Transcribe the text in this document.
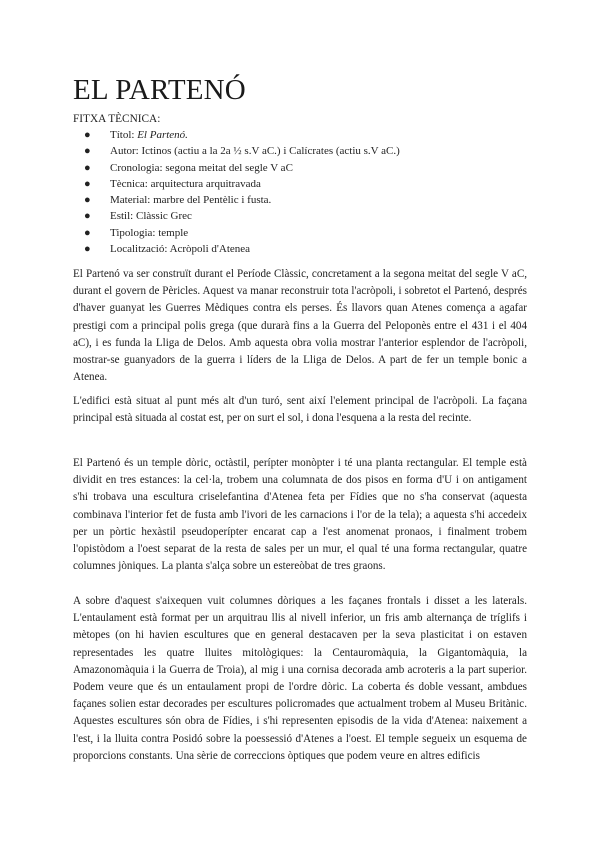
EL PARTENÓ
FITXA TÈCNICA:
● Títol: El Partenó.
● Autor: Ictinos (actiu a la 2a ½ s.V aC.) i Calícrates (actiu s.V aC.)
● Cronologia: segona meitat del segle V aC
● Tècnica: arquitectura arquitravada
● Material: marbre del Pentèlic i fusta.
● Estil: Clàssic Grec
● Tipologia: temple
● Localització: Acròpoli d'Atenea

El Partenó va ser construït durant el Període Clàssic, concretament a la segona meitat del segle V aC, durant el govern de Pèricles. Aquest va manar reconstruir tota l'acròpoli, i sobretot el Partenó, després d'haver guanyat les Guerres Mèdiques contra els perses. És llavors quan Atenes comença a agafar prestigi com a principal polis grega (que durarà fins a la Guerra del Peloponès entre el 431 i el 404 aC), i es funda la Lliga de Delos. Amb aquesta obra volia mostrar l'anterior esplendor de l'acròpoli, mostrar-se guanyadors de la guerra i líders de la Lliga de Delos. A part de fer un temple bonic a Atenea.

L'edifici està situat al punt més alt d'un turó, sent així l'element principal de l'acròpoli. La façana principal està situada al costat est, per on surt el sol, i dona l'esquena a la resta del recinte.

El Partenó és un temple dòric, octàstil, perípter monòpter i té una planta rectangular. El temple està dividit en tres estances: la cel·la, trobem una columnata de dos pisos en forma d'U i on antigament s'hi trobava una escultura criselefantina d'Atenea feta per Fídies que no s'ha conservat (aquesta combinava l'interior fet de fusta amb l'ivori de les carnacions i l'or de la tela); a aquesta s'hi accedeix per un pòrtic hexàstil pseudoperípter encarat cap a l'est anomenat pronaos, i finalment trobem l'opistòdom a l'oest separat de la resta de sales per un mur, el qual té una forma rectangular, quatre columnes jòniques. La planta s'alça sobre un estereòbat de tres graons.

A sobre d'aquest s'aixequen vuit columnes dòriques a les façanes frontals i disset a les laterals. L'entaulament està format per un arquitrau llis al nivell inferior, un fris amb alternança de tríglifs i mètopes (on hi havien escultures que en general destacaven per la seva plasticitat i on estaven representades les quatre lluites mitològiques: la Centauromàquia, la Gigantomàquia, la Amazonomàquia i la Guerra de Troia), al mig i una cornisa decorada amb acroteris a la part superior. Podem veure que és un entaulament propi de l'ordre dòric. La coberta és doble vessant, ambdues façanes solien estar decorades per escultures policromades que actualment trobem al Museu Britànic. Aquestes escultures són obra de Fídies, i s'hi representen episodis de la vida d'Atenea: naixement a l'est, i la lluita contra Posidó sobre la poessessió d'Atenes a l'oest. El temple segueix un esquema de proporcions constants. Una sèrie de correccions òptiques que podem veure en altres edificis
